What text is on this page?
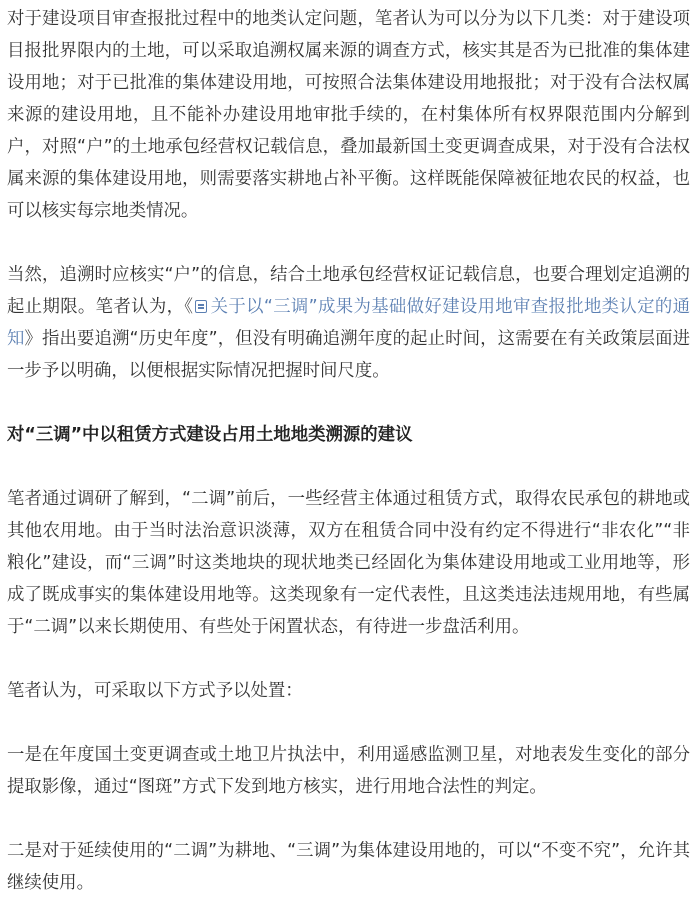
对于建设项目审查报批过程中的地类认定问题，笔者认为可以分为以下几类：对于建设项目报批界限内的土地，可以采取追溯权属来源的调查方式，核实其是否为已批准的集体建设用地；对于已批准的集体建设用地，可按照合法集体建设用地报批；对于没有合法权属来源的建设用地，且不能补办建设用地审批手续的，在村集体所有权界限范围内分解到户，对照“户”的土地承包经营权记载信息，叠加最新国土变更调查成果，对于没有合法权属来源的集体建设用地，则需要落实耕地占补平衡。这样既能保障被征地农民的权益，也可以核实每宗地类情况。

当然，追溯时应核实“户”的信息，结合土地承包经营权证记载信息，也要合理划定追溯的起止期限。笔者认为，《 关于以“三调”成果为基础做好建设用地审查报批地类认定的通知》指出要追溯“历史年度”，但没有明确追溯年度的起止时间，这需要在有关政策层面进一步予以明确，以便根据实际情况把握时间尺度。

对“三调”中以租赁方式建设占用土地地类溯源的建议

笔者通过调研了解到，“二调”前后，一些经营主体通过租赁方式，取得农民承包的耕地或其他农用地。由于当时法治意识淡薄，双方在租赁合同中没有约定不得进行“非农化”“非粮化”建设，而“三调”时这类地块的现状地类已经固化为集体建设用地或工业用地等，形成了既成事实的集体建设用地等。这类现象有一定代表性，且这类违法违规用地，有些属于“二调”以来长期使用、有些处于闲置状态，有待进一步盘活利用。

笔者认为，可采取以下方式予以处置：

一是在年度国土变更调查或土地卫片执法中，利用遥感监测卫星，对地表发生变化的部分提取影像，通过“图斑”方式下发到地方核实，进行用地合法性的判定。

二是对于延续使用的“二调”为耕地、“三调”为集体建设用地的，可以“不变不究”，允许其继续使用。
